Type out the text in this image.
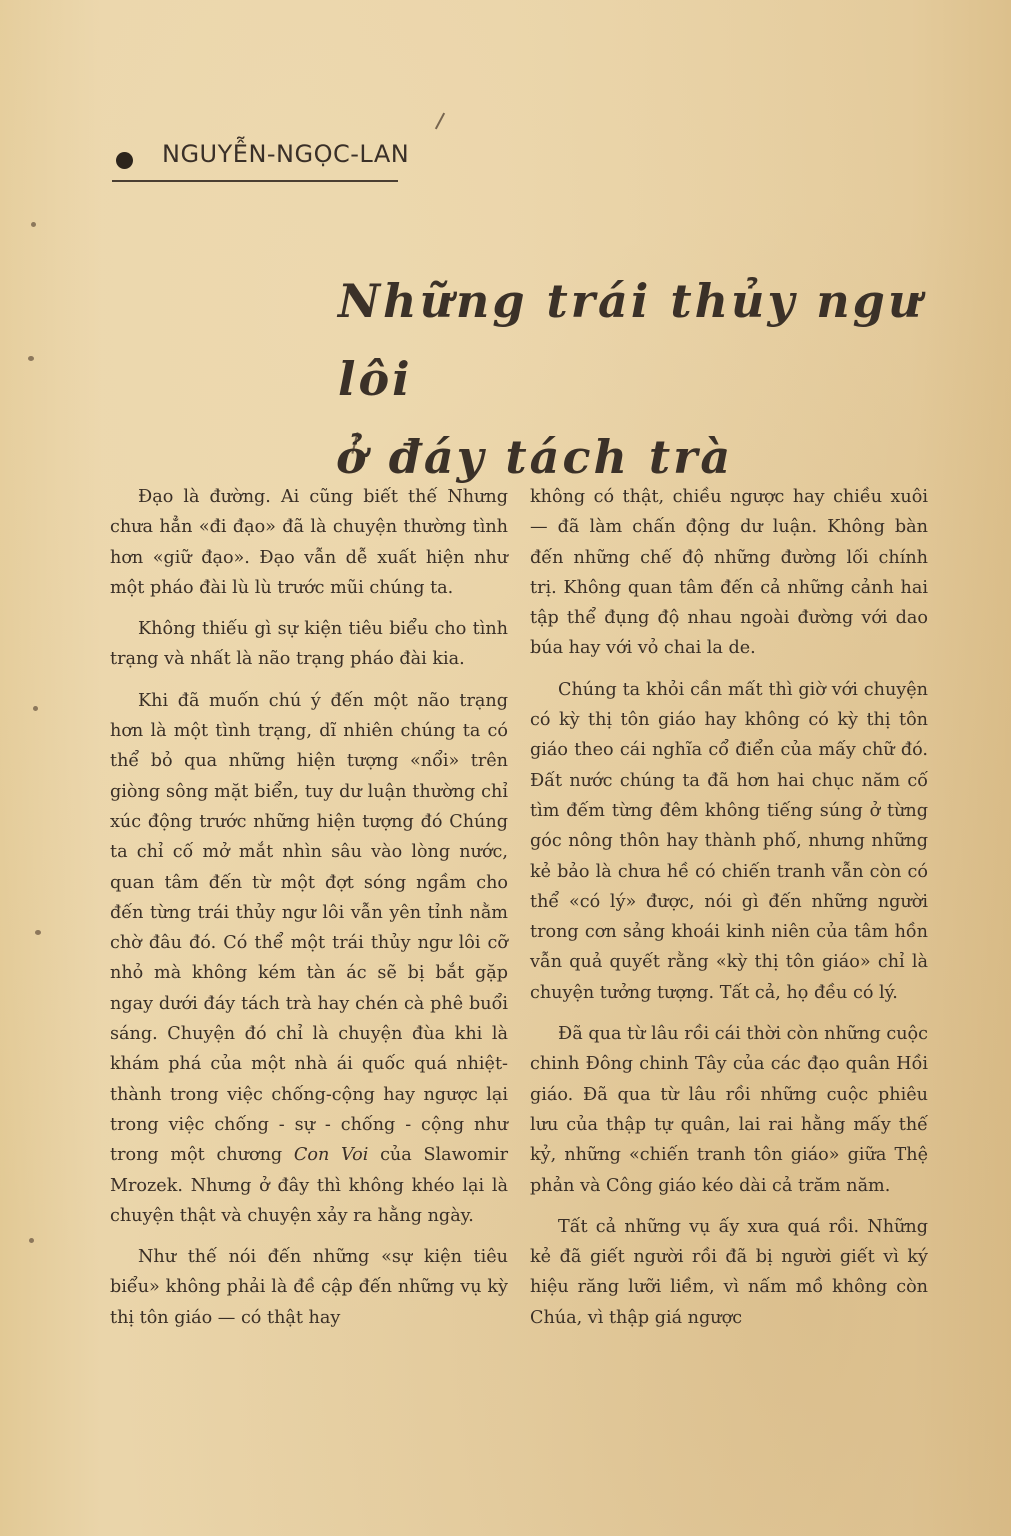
NGUYỄN-NGỌC-LAN
Những trái thủy ngư lôi
ở đáy tách trà

Đạo là đường. Ai cũng biết thế Nhưng chưa hẳn «đi đạo» đã là chuyện thường tình hơn «giữ đạo». Đạo vẫn dễ xuất hiện như một pháo đài lù lù trước mũi chúng ta.

Không thiếu gì sự kiện tiêu biểu cho tình trạng và nhất là não trạng pháo đài kia.

Khi đã muốn chú ý đến một não trạng hơn là một tình trạng, dĩ nhiên chúng ta có thể bỏ qua những hiện tượng «nổi» trên giòng sông mặt biển, tuy dư luận thường chỉ xúc động trước những hiện tượng đó Chúng ta chỉ cố mở mắt nhìn sâu vào lòng nước, quan tâm đến từ một đợt sóng ngầm cho đến từng trái thủy ngư lôi vẫn yên tỉnh nằm chờ đâu đó. Có thể một trái thủy ngư lôi cỡ nhỏ mà không kém tàn ác sẽ bị bắt gặp ngay dưới đáy tách trà hay chén cà phê buổi sáng. Chuyện đó chỉ là chuyện đùa khi là khám phá của một nhà ái quốc quá nhiệt-thành trong việc chống-cộng hay ngược lại trong việc chống - sự - chống - cộng như trong một chương Con Voi của Slawomir Mrozek. Nhưng ở đây thì không khéo lại là chuyện thật và chuyện xảy ra hằng ngày.

Như thế nói đến những «sự kiện tiêu biểu» không phải là đề cập đến những vụ kỳ thị tôn giáo — có thật hay

không có thật, chiều ngược hay chiều xuôi — đã làm chấn động dư luận. Không bàn đến những chế độ những đường lối chính trị. Không quan tâm đến cả những cảnh hai tập thể đụng độ nhau ngoài đường với dao búa hay với vỏ chai la de.

Chúng ta khỏi cần mất thì giờ với chuyện có kỳ thị tôn giáo hay không có kỳ thị tôn giáo theo cái nghĩa cổ điển của mấy chữ đó. Đất nước chúng ta đã hơn hai chục năm cố tìm đếm từng đêm không tiếng súng ở từng góc nông thôn hay thành phố, nhưng những kẻ bảo là chưa hề có chiến tranh vẫn còn có thể «có lý» được, nói gì đến những người trong cơn sảng khoái kinh niên của tâm hồn vẫn quả quyết rằng «kỳ thị tôn giáo» chỉ là chuyện tưởng tượng. Tất cả, họ đều có lý.

Đã qua từ lâu rồi cái thời còn những cuộc chinh Đông chinh Tây của các đạo quân Hồi giáo. Đã qua từ lâu rồi những cuộc phiêu lưu của thập tự quân, lai rai hằng mấy thế kỷ, những «chiến tranh tôn giáo» giữa Thệ phản và Công giáo kéo dài cả trăm năm.

Tất cả những vụ ấy xưa quá rồi. Những kẻ đã giết người rồi đã bị người giết vì ký hiệu răng lưỡi liềm, vì nấm mồ không còn Chúa, vì thập giá ngược
